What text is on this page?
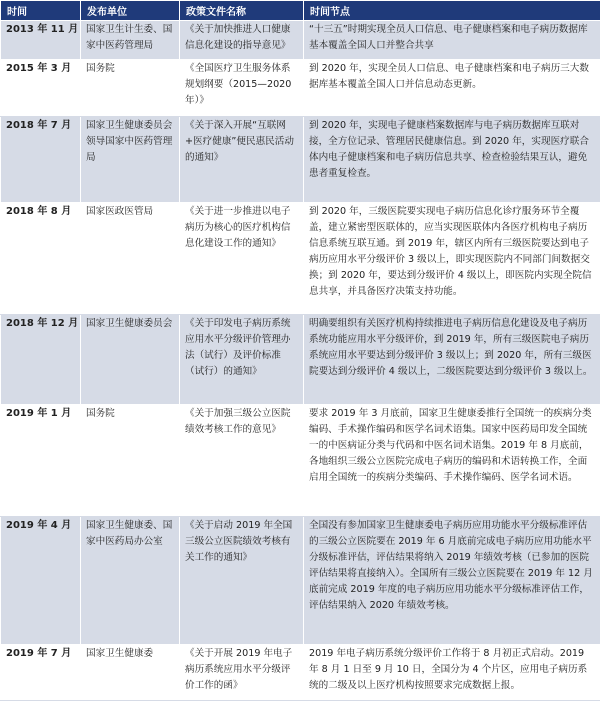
时间	发布单位	政策文件名称	时间节点
2013 年 11 月	国家卫生计生委、国家中医药管理局	《关于加快推进人口健康信息化建设的指导意见》	“十三五”时期实现全员人口信息、电子健康档案和电子病历数据库基本覆盖全国人口并整合共享
2015 年 3 月	国务院	《全国医疗卫生服务体系规划纲要（2015—2020年）》	到 2020 年，实现全员人口信息、电子健康档案和电子病历三大数据库基本覆盖全国人口并信息动态更新。
2018 年 7 月	国家卫生健康委员会领导国家中医药管理局	《关于深入开展“互联网+医疗健康”便民惠民活动的通知》	到 2020 年，实现电子健康档案数据库与电子病历数据库互联对接，全方位记录、管理居民健康信息。到 2020 年，实现医疗联合体内电子健康档案和电子病历信息共享、检查检验结果互认，避免患者重复检查。
2018 年 8 月	国家医政医管局	《关于进一步推进以电子病历为核心的医疗机构信息化建设工作的通知》	到 2020 年，三级医院要实现电子病历信息化诊疗服务环节全覆盖，建立紧密型医联体的，应当实现医联体内各医疗机构电子病历信息系统互联互通。到 2019 年，辖区内所有三级医院要达到电子病历应用水平分级评价 3 级以上，即实现医院内不同部门间数据交换；到 2020 年，要达到分级评价 4 级以上，即医院内实现全院信息共享，并具备医疗决策支持功能。
2018 年 12 月	国家卫生健康委员会	《关于印发电子病历系统应用水平分级评价管理办法（试行）及评价标准（试行）的通知》	明确要组织有关医疗机构持续推进电子病历信息化建设及电子病历系统功能应用水平分级评价，到 2019 年，所有三级医院电子病历系统应用水平要达到分级评价 3 级以上；到 2020 年，所有三级医院要达到分级评价 4 级以上，二级医院要达到分级评价 3 级以上。
2019 年 1 月	国务院	《关于加强三级公立医院绩效考核工作的意见》	要求 2019 年 3 月底前，国家卫生健康委推行全国统一的疾病分类编码、手术操作编码和医学名词术语集。国家中医药局印发全国统一的中医病证分类与代码和中医名词术语集。2019 年 8 月底前，各地组织三级公立医院完成电子病历的编码和术语转换工作，全面启用全国统一的疾病分类编码、手术操作编码、医学名词术语。
2019 年 4 月	国家卫生健康委、国家中医药局办公室	《关于启动 2019 年全国三级公立医院绩效考核有关工作的通知》	全国没有参加国家卫生健康委电子病历应用功能水平分级标准评估的三级公立医院要在 2019 年 6 月底前完成电子病历应用功能水平分级标准评估，评估结果将纳入 2019 年绩效考核（已参加的医院评估结果将直接纳入）。全国所有三级公立医院要在 2019 年 12 月底前完成 2019 年度的电子病历应用功能水平分级标准评估工作，评估结果纳入 2020 年绩效考核。
2019 年 7 月	国家卫生健康委	《关于开展 2019 年电子病历系统应用水平分级评价工作的函》	2019 年电子病历系统分级评价工作将于 8 月初正式启动。2019 年 8 月 1 日至 9 月 10 日，全国分为 4 个片区，应用电子病历系统的二级及以上医疗机构按照要求完成数据上报。
